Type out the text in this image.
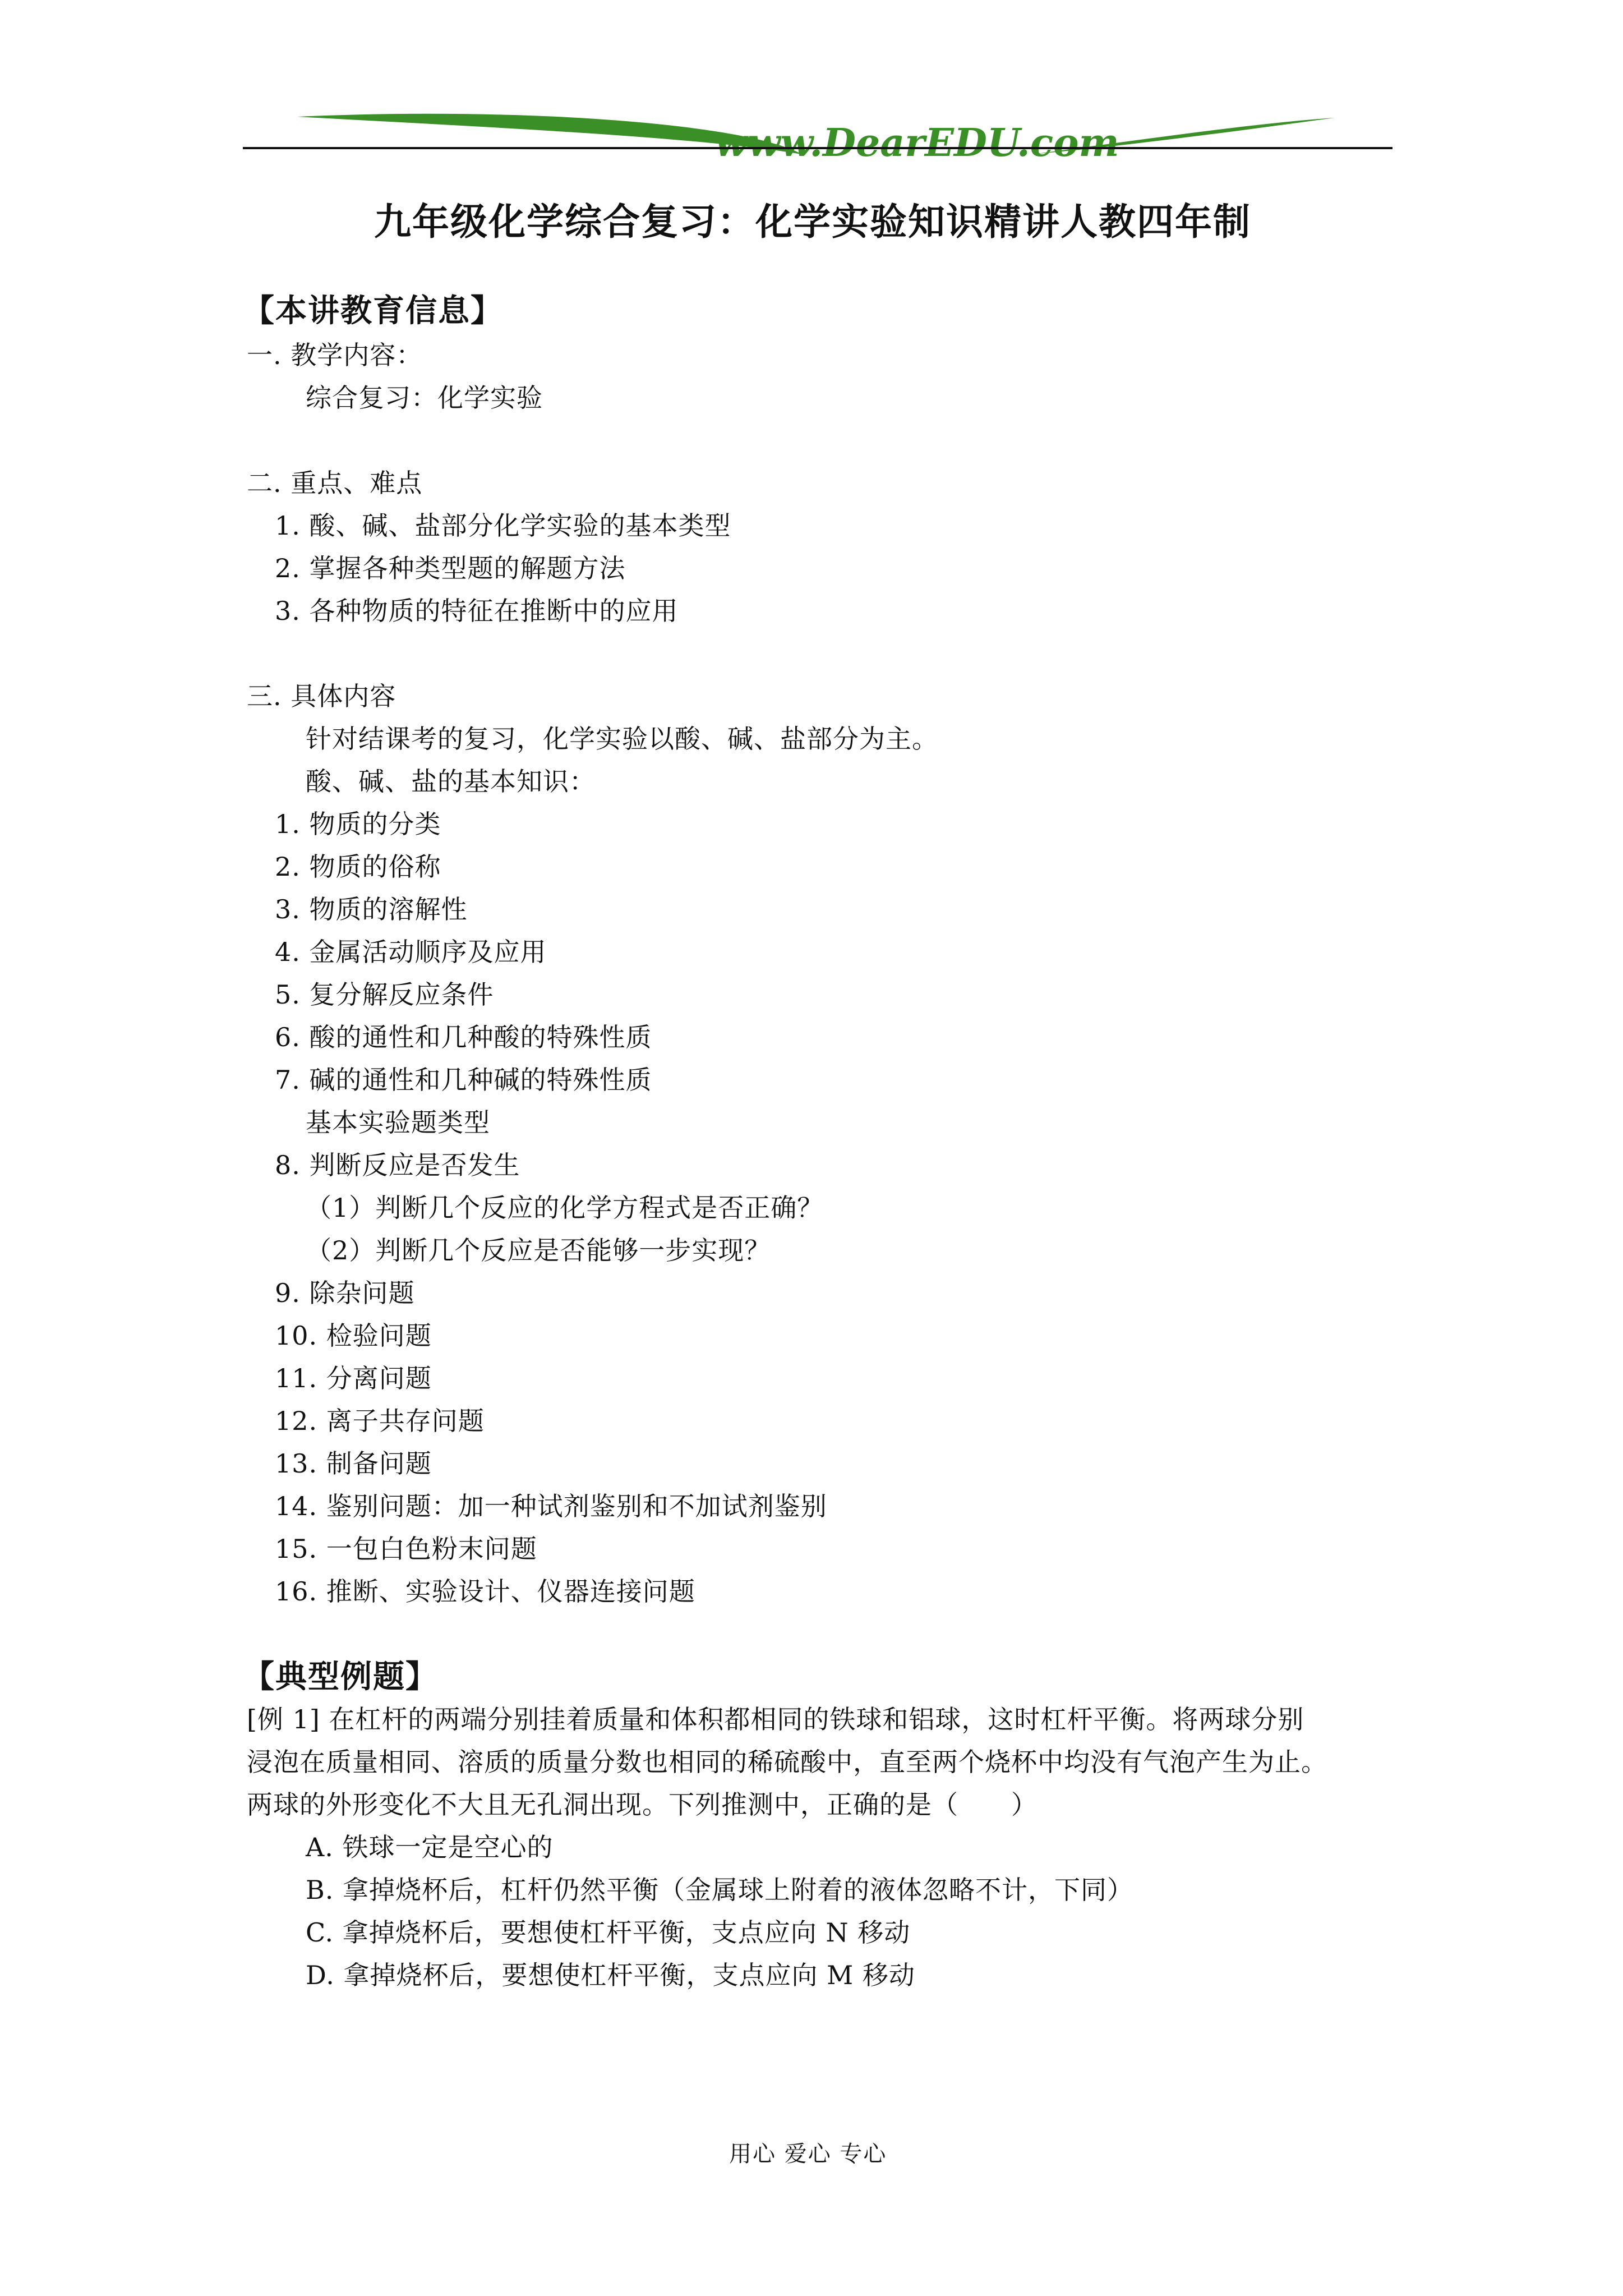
www.DearEDU.com
九年级化学综合复习：化学实验知识精讲人教四年制
【本讲教育信息】
一. 教学内容：
综合复习：化学实验
二. 重点、难点
1. 酸、碱、盐部分化学实验的基本类型
2. 掌握各种类型题的解题方法
3. 各种物质的特征在推断中的应用
三. 具体内容
针对结课考的复习，化学实验以酸、碱、盐部分为主。
酸、碱、盐的基本知识：
1. 物质的分类
2. 物质的俗称
3. 物质的溶解性
4. 金属活动顺序及应用
5. 复分解反应条件
6. 酸的通性和几种酸的特殊性质
7. 碱的通性和几种碱的特殊性质
基本实验题类型
8. 判断反应是否发生
（1）判断几个反应的化学方程式是否正确？
（2）判断几个反应是否能够一步实现？
9. 除杂问题
10. 检验问题
11. 分离问题
12. 离子共存问题
13. 制备问题
14. 鉴别问题：加一种试剂鉴别和不加试剂鉴别
15. 一包白色粉末问题
16. 推断、实验设计、仪器连接问题
【典型例题】
[例 1] 在杠杆的两端分别挂着质量和体积都相同的铁球和铝球，这时杠杆平衡。将两球分别
浸泡在质量相同、溶质的质量分数也相同的稀硫酸中，直至两个烧杯中均没有气泡产生为止。
两球的外形变化不大且无孔洞出现。下列推测中，正确的是（　　）
A. 铁球一定是空心的
B. 拿掉烧杯后，杠杆仍然平衡（金属球上附着的液体忽略不计，下同）
C. 拿掉烧杯后，要想使杠杆平衡，支点应向 N 移动
D. 拿掉烧杯后，要想使杠杆平衡，支点应向 M 移动
用心 爱心 专心
